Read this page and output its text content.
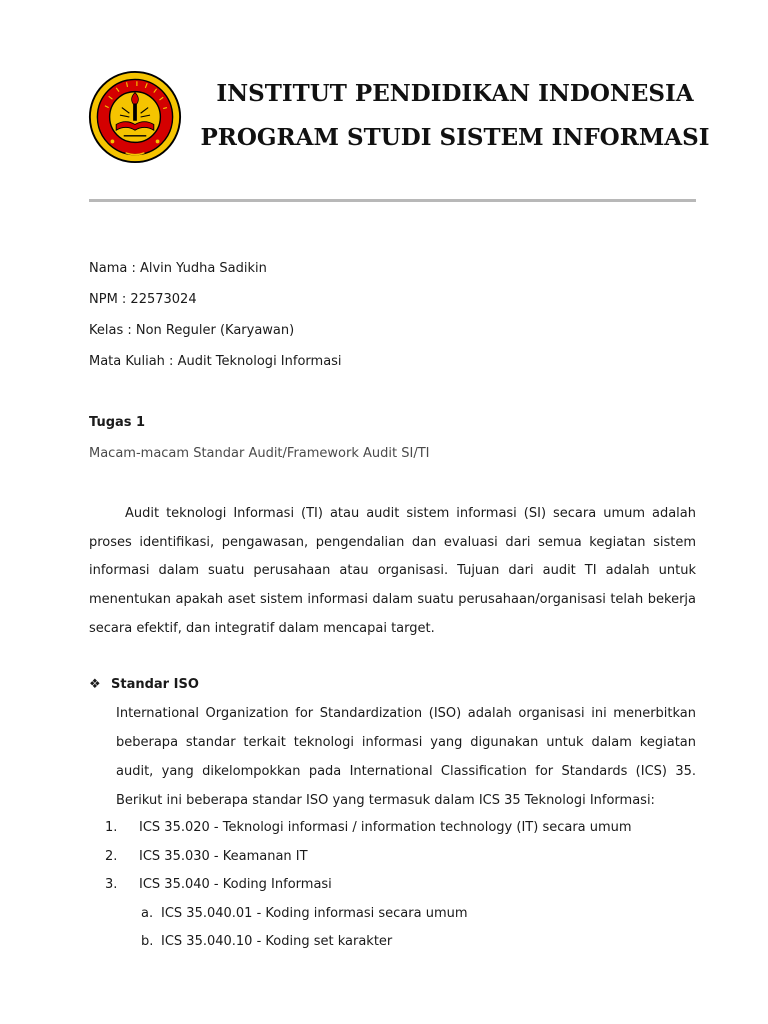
INSTITUT PENDIDIKAN INDONESIA
PROGRAM STUDI SISTEM INFORMASI
Nama : Alvin Yudha Sadikin
NPM : 22573024
Kelas : Non Reguler (Karyawan)
Mata Kuliah : Audit Teknologi Informasi
Tugas 1
Macam-macam Standar Audit/Framework Audit SI/TI

Audit teknologi Informasi (TI) atau audit sistem informasi (SI) secara umum adalah proses identifikasi, pengawasan, pengendalian dan evaluasi dari semua kegiatan sistem informasi dalam suatu perusahaan atau organisasi. Tujuan dari audit TI adalah untuk menentukan apakah aset sistem informasi dalam suatu perusahaan/organisasi telah bekerja secara efektif, dan integratif dalam mencapai target.

❖ Standar ISO

International Organization for Standardization (ISO) adalah organisasi ini menerbitkan beberapa standar terkait teknologi informasi yang digunakan untuk dalam kegiatan audit, yang dikelompokkan pada International Classification for Standards (ICS) 35. Berikut ini beberapa standar ISO yang termasuk dalam ICS 35 Teknologi Informasi:

1. ICS 35.020 - Teknologi informasi / information technology (IT) secara umum
2. ICS 35.030 - Keamanan IT
3. ICS 35.040 - Koding Informasi
a. ICS 35.040.01 - Koding informasi secara umum
b. ICS 35.040.10 - Koding set karakter
